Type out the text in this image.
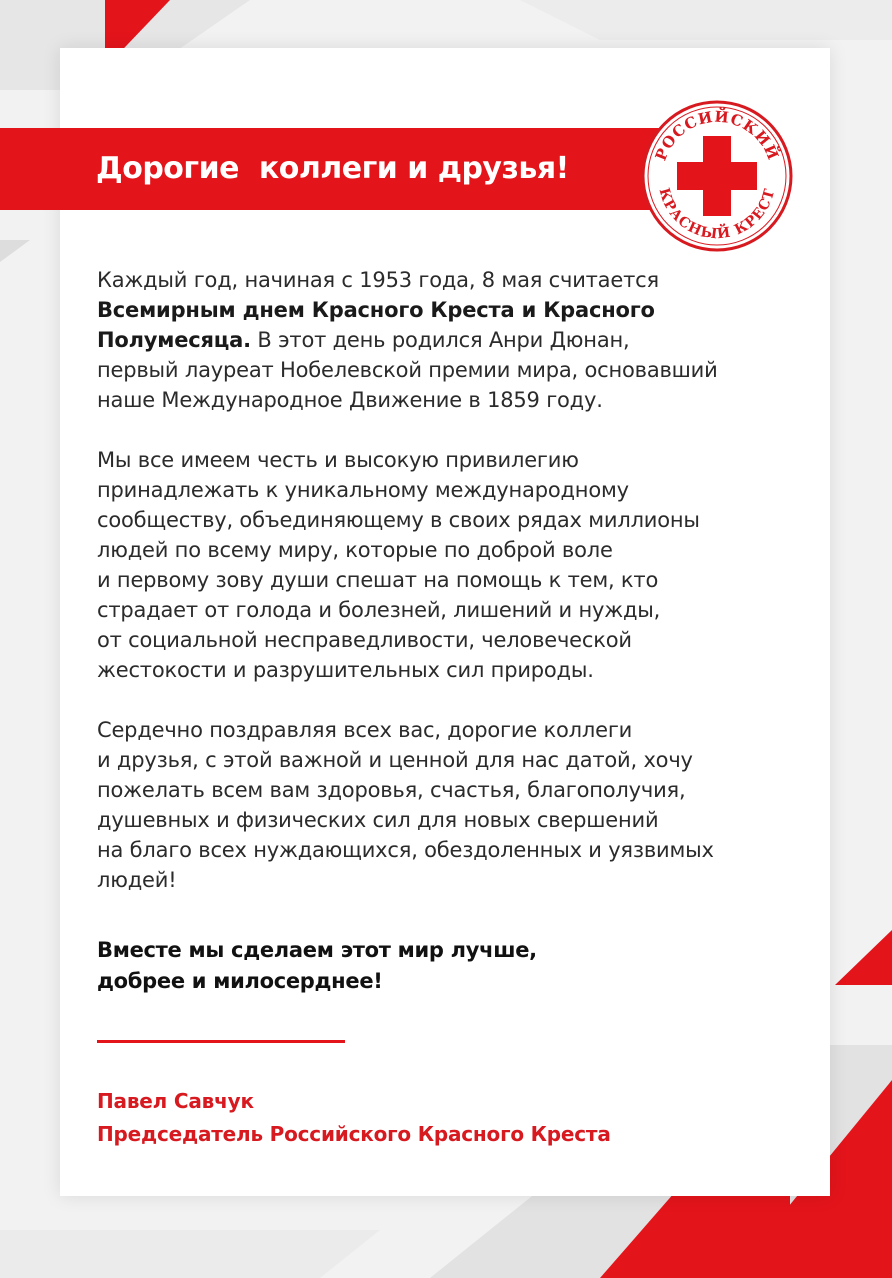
Дорогие  коллеги и друзья!	РОССИЙСКИЙ
КРАСНЫЙ КРЕСТ

Каждый год, начиная с 1953 года, 8 мая считается
Всемирным днем Красного Креста и Красного
Полумесяца. В этот день родился Анри Дюнан,
первый лауреат Нобелевской премии мира, основавший
наше Международное Движение в 1859 году.

Мы все имеем честь и высокую привилегию
принадлежать к уникальному международному
сообществу, объединяющему в своих рядах миллионы
людей по всему миру, которые по доброй воле
и первому зову души спешат на помощь к тем, кто
страдает от голода и болезней, лишений и нужды,
от социальной несправедливости, человеческой
жестокости и разрушительных сил природы.

Сердечно поздравляя всех вас, дорогие коллеги
и друзья, с этой важной и ценной для нас датой, хочу
пожелать всем вам здоровья, счастья, благополучия,
душевных и физических сил для новых свершений
на благо всех нуждающихся, обездоленных и уязвимых
людей!

Вместе мы сделаем этот мир лучше,
добрее и милосерднее!

Павел Савчук
Председатель Российского Красного Креста
